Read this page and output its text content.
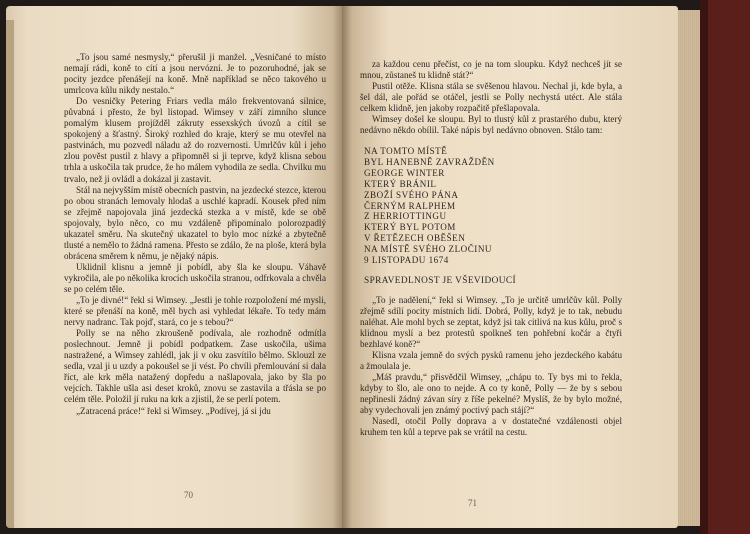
„To jsou samé nesmysly,“ přerušil ji manžel. „Vesničané to místo nemají rádi, koně to cítí a jsou nervózní. Je to pozoruhodné, jak se pocity jezdce přenášejí na koně. Mně například se něco takového u umrlcova kůlu nikdy nestalo.“

Do vesničky Petering Friars vedla málo frekventovaná silnice, půvabná i přesto, že byl listopad. Wimsey v září zimního slunce pomalým klusem projížděl zákruty essexských úvozů a cítil se spokojený a šťastný. Široký rozhled do kraje, který se mu otevřel na pastvinách, mu pozvedl náladu až do rozvernosti. Umrlčův kůl i jeho zlou pověst pustil z hlavy a připomněl si ji teprve, když klisna sebou trhla a uskočila tak prudce, že ho málem vyhodila ze sedla. Chvilku mu trvalo, než ji ovládl a dokázal ji zastavit.

Stál na nejvyšším místě obecních pastvin, na jezdecké stezce, kterou po obou stranách lemovaly hlodaš a uschlé kapradí. Kousek před ním se zřejmě napojovala jiná jezdecká stezka a v místě, kde se obě spojovaly, bylo něco, co mu vzdáleně připomínalo polorozpadlý ukazatel směru. Na skutečný ukazatel to bylo moc nízké a zbytečně tlusté a nemělo to žádná ramena. Přesto se zdálo, že na ploše, která byla obrácena směrem k němu, je nějaký nápis.

Uklidnil klisnu a jemně ji pobídl, aby šla ke sloupu. Váhavě vykročila, ale po několika krocích uskočila stranou, odfrkovala a chvěla se po celém těle.

„To je divné!“ řekl si Wimsey. „Jestli je tohle rozpoložení mé mysli, které se přenáší na koně, měl bych asi vyhledat lékaře. To tedy mám nervy nadranc. Tak pojď, stará, co je s tebou?“

Polly se na něho zkroušeně podívala, ale rozhodně odmítla poslechnout. Jemně ji pobídl podpatkem. Zase uskočila, ušima nastražené, a Wimsey zahlédl, jak ji v oku zasvítilo bělmo. Sklouzl ze sedla, vzal ji u uzdy a pokoušel se ji vést. Po chvíli přemlouvání si dala říct, ale krk měla natažený dopředu a našlapovala, jako by šla po vejcích. Takhle ušla asi deset kroků, znovu se zastavila a třásla se po celém těle. Položil jí ruku na krk a zjistil, že se perlí potem.

„Zatracená práce!“ řekl si Wimsey. „Podívej, já si jdu

70

za každou cenu přečíst, co je na tom sloupku. Když nechceš jít se mnou, zůstaneš tu klidně stát?“

Pustil otěže. Klisna stála se svěšenou hlavou. Nechal ji, kde byla, a šel dál, ale pořád se otáčel, jestli se Polly nechystá utéct. Ale stála celkem klidně, jen jakoby rozpačitě přešlapovala.

Wimsey došel ke sloupu. Byl to tlustý kůl z prastarého dubu, který nedávno někdo obílil. Také nápis byl nedávno obnoven. Stálo tam:

NA TOMTO MÍSTĚ
BYL HANEBNĚ ZAVRAŽDĚN
GEORGE WINTER
KTERÝ BRÁNIL
ZBOŽÍ SVÉHO PÁNA
ČERNÝM RALPHEM
Z HERRIOTTINGU
KTERÝ BYL POTOM
V ŘETĚZECH OBĚŠEN
NA MÍSTĚ SVÉHO ZLOČINU
9 LISTOPADU 1674
SPRAVEDLNOST JE VŠEVIDOUCÍ

„To je nadělení,“ řekl si Wimsey. „To je určitě umrlčův kůl. Polly zřejmě sdílí pocity místních lidí. Dobrá, Polly, když je to tak, nebudu naléhat. Ale mohl bych se zeptat, když jsi tak citlivá na kus kůlu, proč s klidnou myslí a bez protestů spolkneš ten pohřební kočár a čtyři bezhlavé koně?“

Klisna vzala jemně do svých pysků ramenu jeho jezdeckého kabátu a žmoulala je.

„Máš pravdu,“ přisvědčil Wimsey, „chápu to. Ty bys mi to řekla, kdyby to šlo, ale ono to nejde. A co ty koně, Polly — že by s sebou nepřinesli žádný závan síry z říše pekelné? Myslíš, že by bylo možné, aby vydechovali jen známý poctivý pach stájí?“

Nasedl, otočil Polly doprava a v dostatečné vzdálenosti objel kruhem ten kůl a teprve pak se vrátil na cestu.

71
